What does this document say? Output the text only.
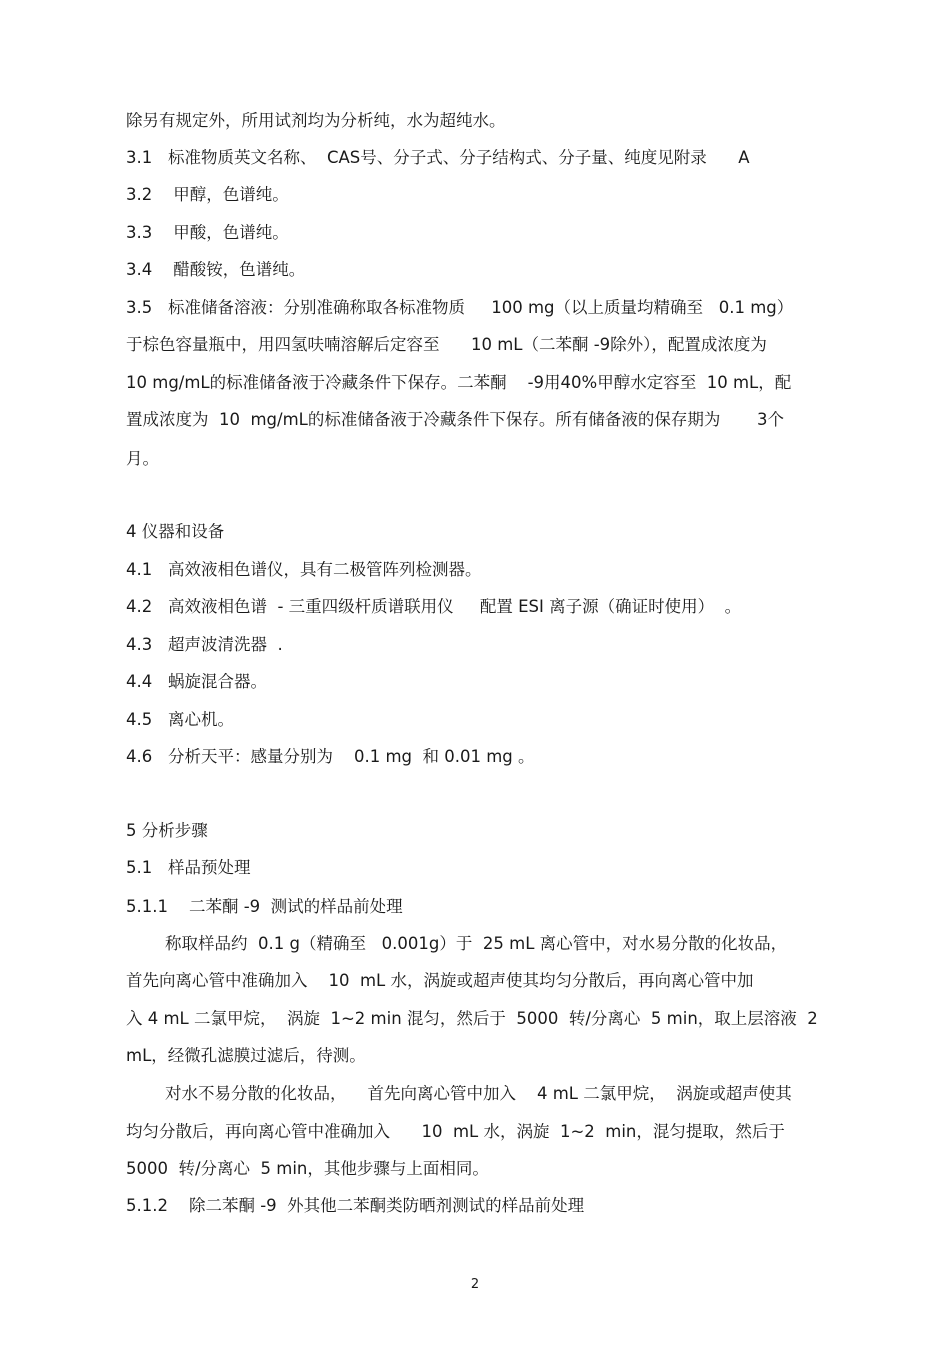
除另有规定外，所用试剂均为分析纯，水为超纯水。
3.1   标准物质英文名称、  CAS号、分子式、分子结构式、分子量、纯度见附录      A
3.2    甲醇，色谱纯。
3.3    甲酸，色谱纯。
3.4    醋酸铵，色谱纯。
3.5   标准储备溶液：分别准确称取各标准物质     100 mg（以上质量均精确至   0.1 mg）
于棕色容量瓶中，用四氢呋喃溶解后定容至      10 mL（二苯酮 -9除外），配置成浓度为
10 mg/mL的标准储备液于冷藏条件下保存。二苯酮    -9用40%甲醇水定容至  10 mL，配
置成浓度为  10  mg/mL的标准储备液于冷藏条件下保存。所有储备液的保存期为       3个
月。
4 仪器和设备
4.1   高效液相色谱仪，具有二极管阵列检测器。
4.2   高效液相色谱  - 三重四级杆质谱联用仪     配置 ESI 离子源（确证时使用）  。
4.3   超声波清洗器  .
4.4   蜗旋混合器。
4.5   离心机。
4.6   分析天平：感量分别为    0.1 mg  和 0.01 mg 。
5 分析步骤
5.1   样品预处理
5.1.1    二苯酮 -9  测试的样品前处理
称取样品约  0.1 g（精确至   0.001g）于  25 mL 离心管中，对水易分散的化妆品，
首先向离心管中准确加入    10  mL 水，涡旋或超声使其均匀分散后，再向离心管中加
入 4 mL 二氯甲烷，  涡旋  1~2 min 混匀，然后于  5000  转/分离心  5 min，取上层溶液  2
mL，经微孔滤膜过滤后，待测。
对水不易分散的化妆品，    首先向离心管中加入    4 mL 二氯甲烷，  涡旋或超声使其
均匀分散后，再向离心管中准确加入      10  mL 水，涡旋  1~2  min，混匀提取，然后于
5000  转/分离心  5 min，其他步骤与上面相同。
5.1.2    除二苯酮 -9  外其他二苯酮类防晒剂测试的样品前处理
2
